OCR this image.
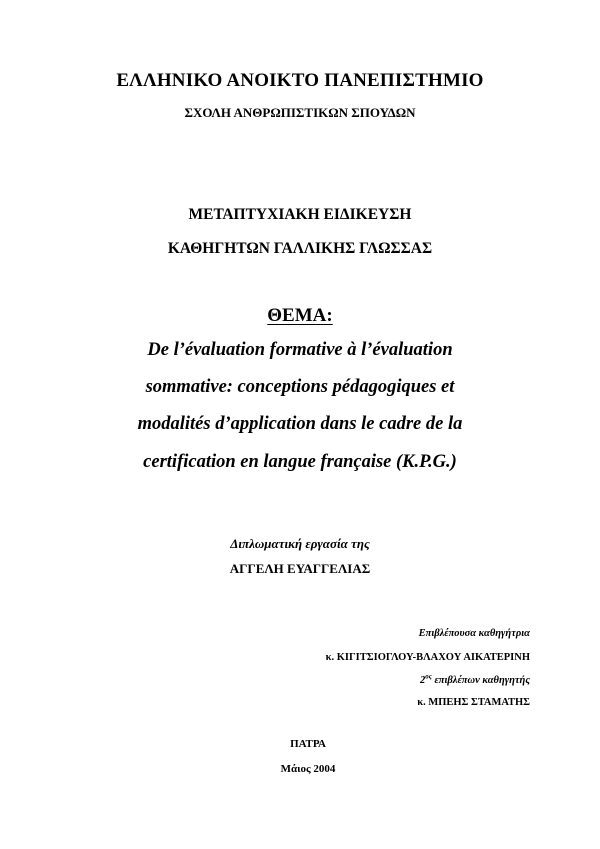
ΕΛΛΗΝΙΚΟ ΑΝΟΙΚΤΟ ΠΑΝΕΠΙΣΤΗΜΙΟ
ΣΧΟΛΗ ΑΝΘΡΩΠΙΣΤΙΚΩΝ ΣΠΟΥΔΩΝ
ΜΕΤΑΠΤΥΧΙΑΚΗ ΕΙΔΙΚΕΥΣΗ
ΚΑΘΗΓΗΤΩΝ ΓΑΛΛΙΚΗΣ ΓΛΩΣΣΑΣ
ΘΕΜΑ:
De l’évaluation formative à l’évaluation
sommative: conceptions pédagogiques et
modalités d’application dans le cadre de la
certification en langue française (K.P.G.)
Διπλωματική εργασία της
ΑΓΓΕΛΗ ΕΥΑΓΓΕΛΙΑΣ
Επιβλέπουσα καθηγήτρια
κ. ΚΙΓΙΤΣΙΟΓΛΟΥ-ΒΛΑΧΟΥ ΑΙΚΑΤΕΡΙΝΗ
$2^{o\varsigma}$ επιβλέπων καθηγητής
κ. ΜΠΕΗΣ ΣΤΑΜΑΤΗΣ
ΠΑΤΡΑ
Μάιος 2004
